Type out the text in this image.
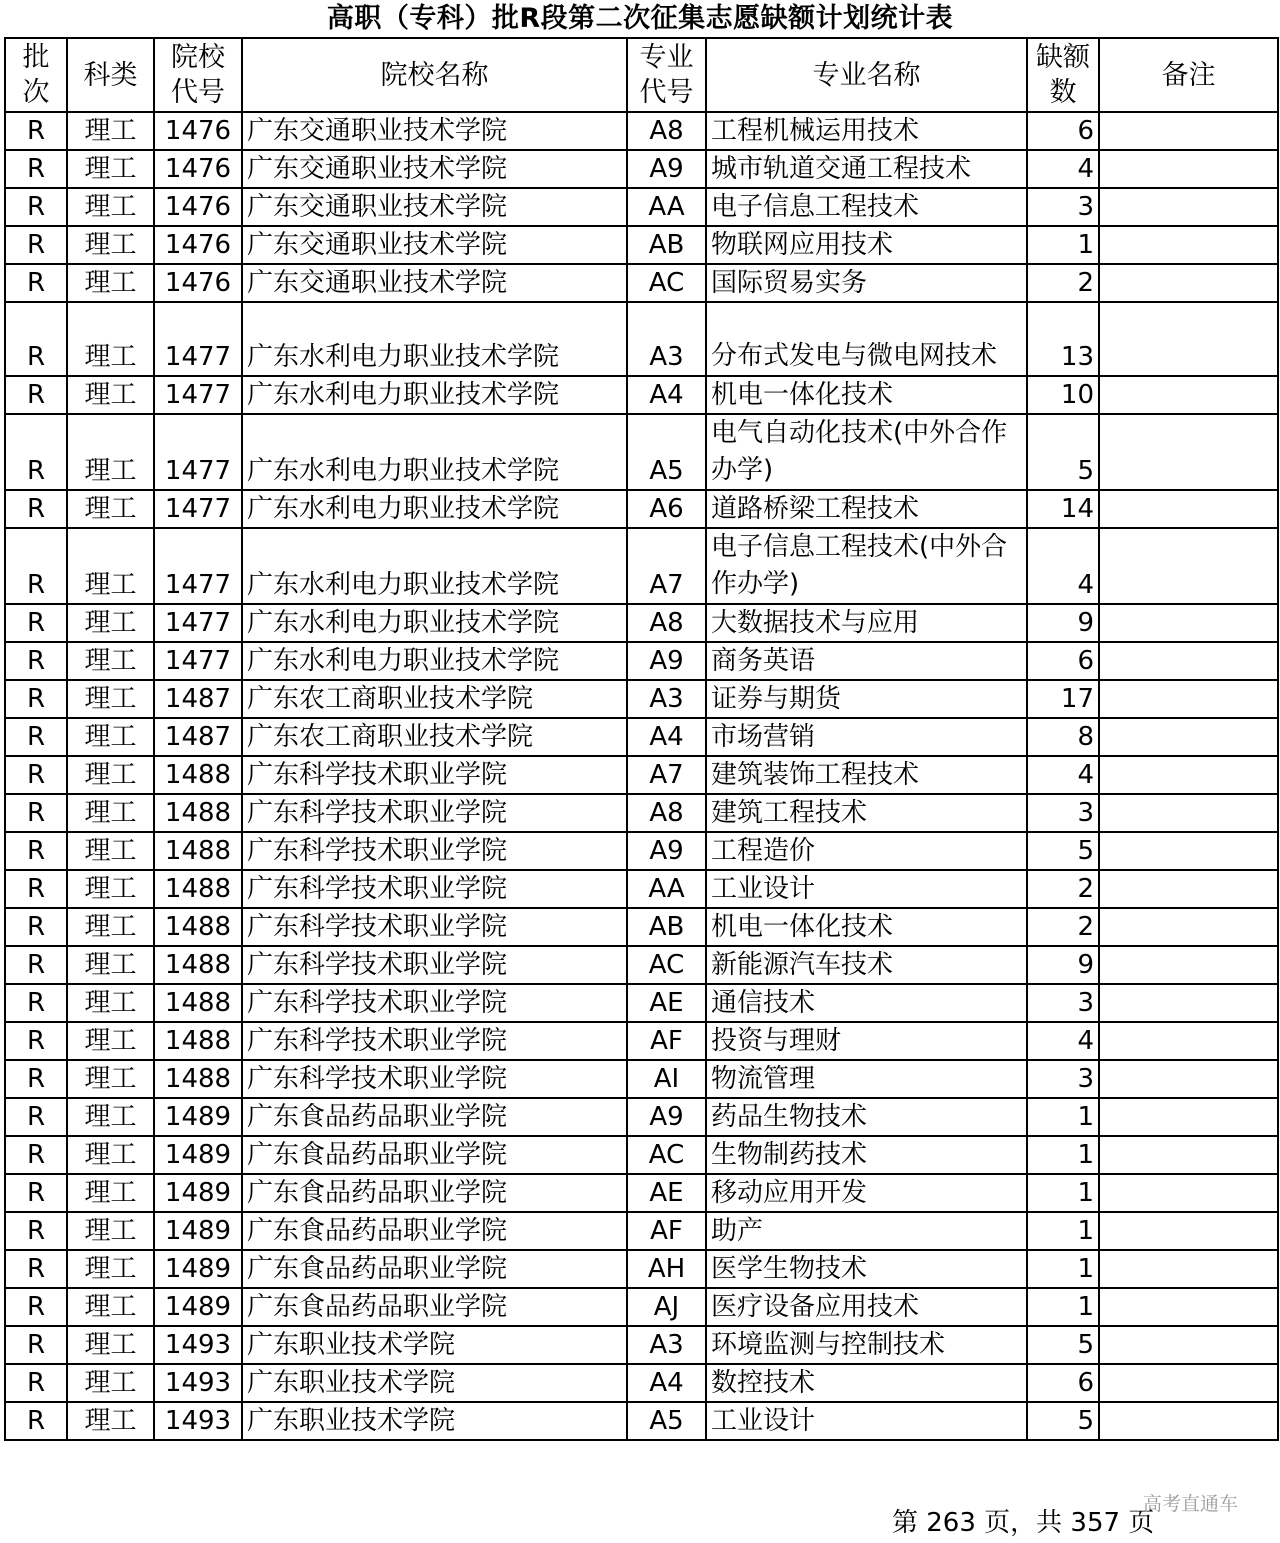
高职（专科）批R段第二次征集志愿缺额计划统计表
批次	科类	院校代号	院校名称	专业代号	专业名称	缺额数	备注
R	理工	1476	广东交通职业技术学院	A8	工程机械运用技术	6	
R	理工	1476	广东交通职业技术学院	A9	城市轨道交通工程技术	4	
R	理工	1476	广东交通职业技术学院	AA	电子信息工程技术	3	
R	理工	1476	广东交通职业技术学院	AB	物联网应用技术	1	
R	理工	1476	广东交通职业技术学院	AC	国际贸易实务	2	
R	理工	1477	广东水利电力职业技术学院	A3	分布式发电与微电网技术	13	
R	理工	1477	广东水利电力职业技术学院	A4	机电一体化技术	10	
R	理工	1477	广东水利电力职业技术学院	A5	电气自动化技术(中外合作办学)	5	
R	理工	1477	广东水利电力职业技术学院	A6	道路桥梁工程技术	14	
R	理工	1477	广东水利电力职业技术学院	A7	电子信息工程技术(中外合作办学)	4	
R	理工	1477	广东水利电力职业技术学院	A8	大数据技术与应用	9	
R	理工	1477	广东水利电力职业技术学院	A9	商务英语	6	
R	理工	1487	广东农工商职业技术学院	A3	证券与期货	17	
R	理工	1487	广东农工商职业技术学院	A4	市场营销	8	
R	理工	1488	广东科学技术职业学院	A7	建筑装饰工程技术	4	
R	理工	1488	广东科学技术职业学院	A8	建筑工程技术	3	
R	理工	1488	广东科学技术职业学院	A9	工程造价	5	
R	理工	1488	广东科学技术职业学院	AA	工业设计	2	
R	理工	1488	广东科学技术职业学院	AB	机电一体化技术	2	
R	理工	1488	广东科学技术职业学院	AC	新能源汽车技术	9	
R	理工	1488	广东科学技术职业学院	AE	通信技术	3	
R	理工	1488	广东科学技术职业学院	AF	投资与理财	4	
R	理工	1488	广东科学技术职业学院	AI	物流管理	3	
R	理工	1489	广东食品药品职业学院	A9	药品生物技术	1	
R	理工	1489	广东食品药品职业学院	AC	生物制药技术	1	
R	理工	1489	广东食品药品职业学院	AE	移动应用开发	1	
R	理工	1489	广东食品药品职业学院	AF	助产	1	
R	理工	1489	广东食品药品职业学院	AH	医学生物技术	1	
R	理工	1489	广东食品药品职业学院	AJ	医疗设备应用技术	1	
R	理工	1493	广东职业技术学院	A3	环境监测与控制技术	5	
R	理工	1493	广东职业技术学院	A4	数控技术	6	
R	理工	1493	广东职业技术学院	A5	工业设计	5	
第 263 页，共 357 页
高考直通车
